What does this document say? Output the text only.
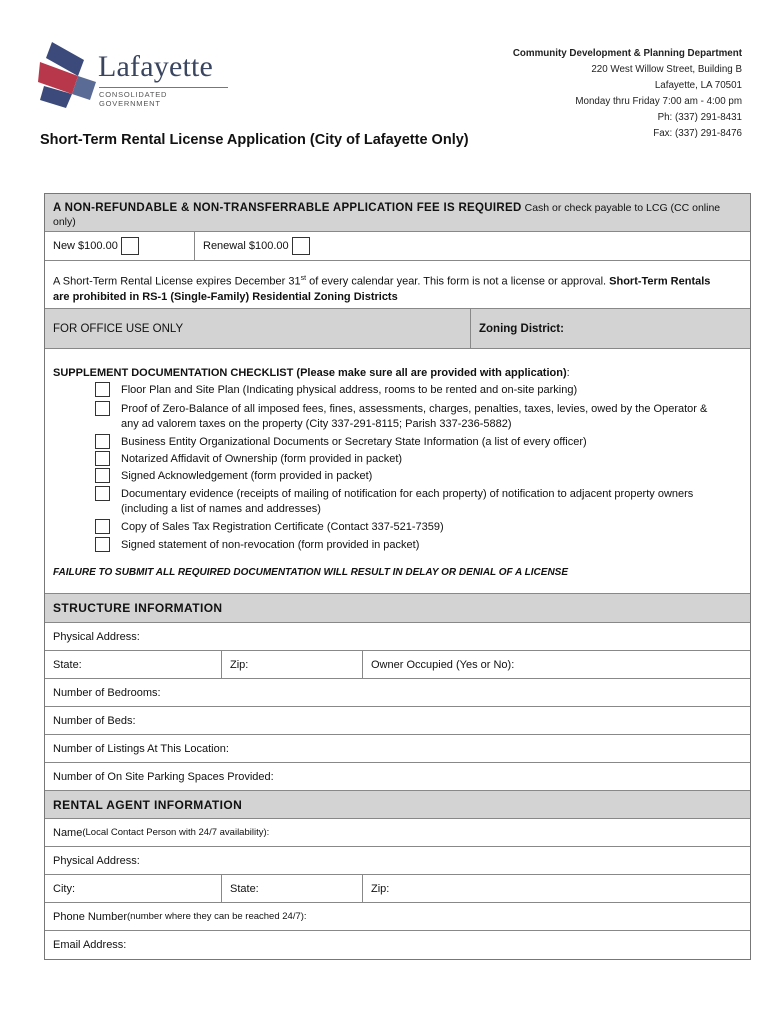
Lafayette
CONSOLIDATED GOVERNMENT
Community Development & Planning Department
220 West Willow Street, Building B
Lafayette, LA 70501
Monday thru Friday 7:00 am - 4:00 pm
Ph: (337) 291-8431
Fax: (337) 291-8476
Short-Term Rental License Application (City of Lafayette Only)
A NON-REFUNDABLE & NON-TRANSFERRABLE APPLICATION FEE IS REQUIRED Cash or check payable to LCG (CC online only)
New $100.00	Renewal $100.00
A Short-Term Rental License expires December 31st of every calendar year. This form is not a license or approval. Short-Term Rentals
are prohibited in RS-1 (Single-Family) Residential Zoning Districts
FOR OFFICE USE ONLY	Zoning District:
SUPPLEMENT DOCUMENTATION CHECKLIST (Please make sure all are provided with application):
Floor Plan and Site Plan (Indicating physical address, rooms to be rented and on-site parking)
Proof of Zero-Balance of all imposed fees, fines, assessments, charges, penalties, taxes, levies, owed by the Operator &
any ad valorem taxes on the property (City 337-291-8115; Parish 337-236-5882)
Business Entity Organizational Documents or Secretary State Information (a list of every officer)
Notarized Affidavit of Ownership (form provided in packet)
Signed Acknowledgement (form provided in packet)
Documentary evidence (receipts of mailing of notification for each property) of notification to adjacent property owners
(including a list of names and addresses)
Copy of Sales Tax Registration Certificate (Contact 337-521-7359)
Signed statement of non-revocation (form provided in packet)
FAILURE TO SUBMIT ALL REQUIRED DOCUMENTATION WILL RESULT IN DELAY OR DENIAL OF A LICENSE
STRUCTURE INFORMATION
Physical Address:
State:	Zip:	Owner Occupied (Yes or No):
Number of Bedrooms:
Number of Beds:
Number of Listings At This Location:
Number of On Site Parking Spaces Provided:
RENTAL AGENT INFORMATION
Name (Local Contact Person with 24/7 availability):
Physical Address:
City:	State:	Zip:
Phone Number (number where they can be reached 24/7):
Email Address:
